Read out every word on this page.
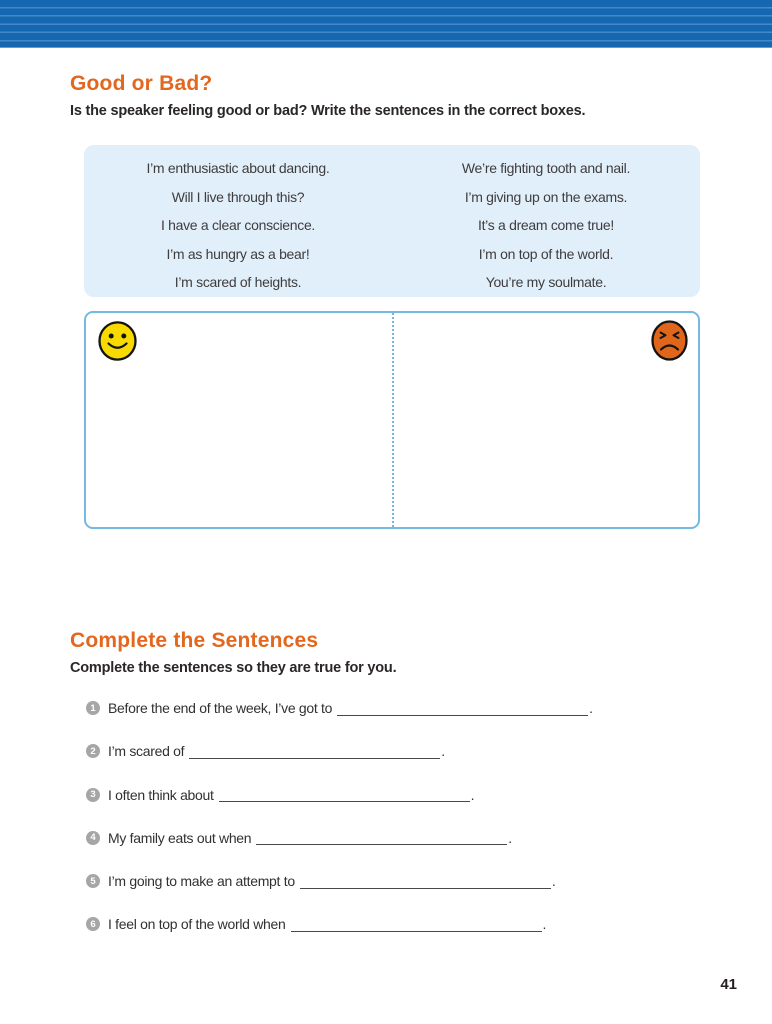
Good or Bad?
Is the speaker feeling good or bad? Write the sentences in the correct boxes.
I’m enthusiastic about dancing.
Will I live through this?
I have a clear conscience.
I’m as hungry as a bear!
I’m scared of heights.
We’re fighting tooth and nail.
I’m giving up on the exams.
It’s a dream come true!
I’m on top of the world.
You’re my soulmate.
Complete the Sentences
Complete the sentences so they are true for you.
1 Before the end of the week, I’ve got to	.
2 I’m scared of	.
3 I often think about	.
4 My family eats out when	.
5 I’m going to make an attempt to	.
6 I feel on top of the world when	.
41
